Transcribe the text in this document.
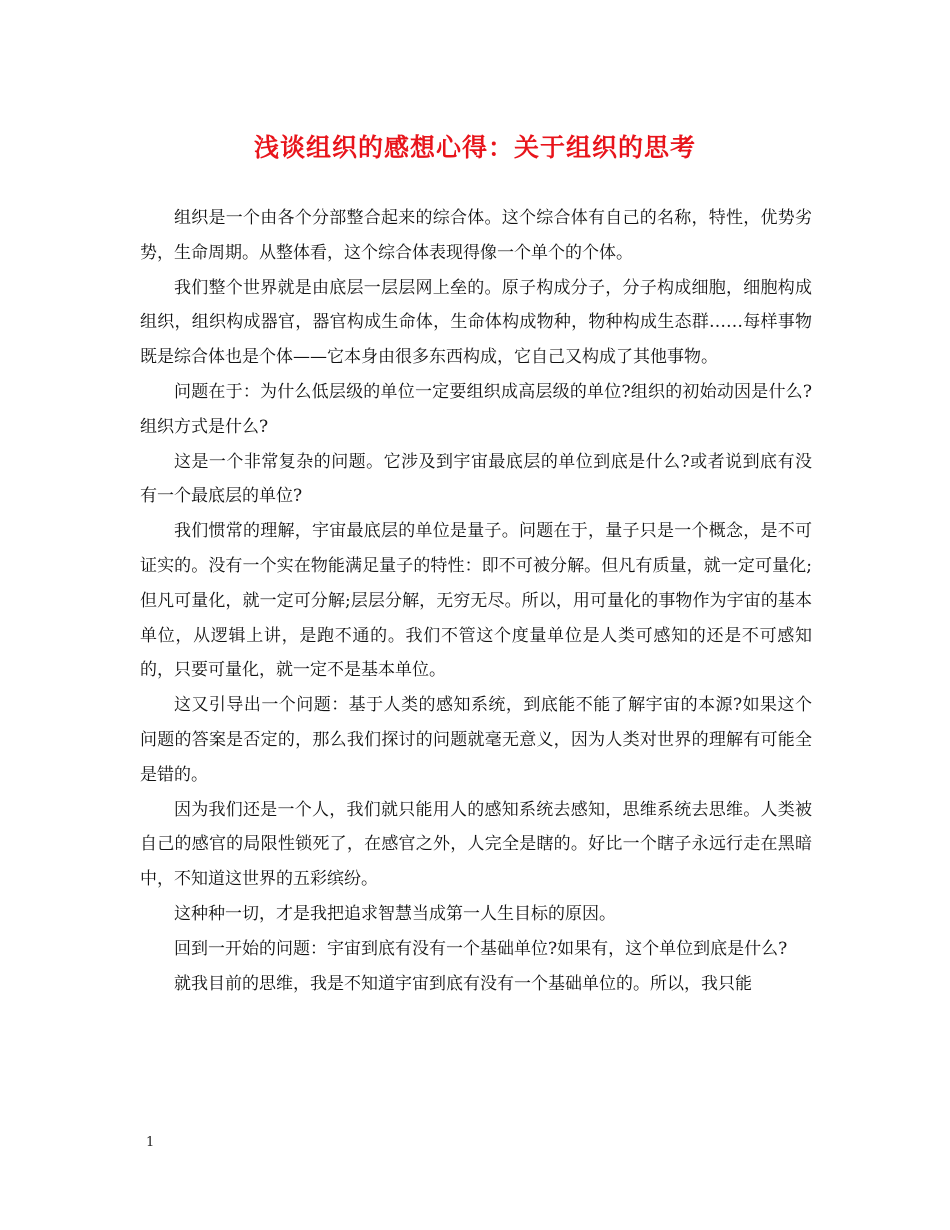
浅谈组织的感想心得：关于组织的思考

组织是一个由各个分部整合起来的综合体。这个综合体有自己的名称，特性，优势劣势，生命周期。从整体看，这个综合体表现得像一个单个的个体。

我们整个世界就是由底层一层层网上垒的。原子构成分子，分子构成细胞，细胞构成组织，组织构成器官，器官构成生命体，生命体构成物种，物种构成生态群……每样事物既是综合体也是个体——它本身由很多东西构成，它自己又构成了其他事物。

问题在于：为什么低层级的单位一定要组织成高层级的单位?组织的初始动因是什么?组织方式是什么?

这是一个非常复杂的问题。它涉及到宇宙最底层的单位到底是什么?或者说到底有没有一个最底层的单位?

我们惯常的理解，宇宙最底层的单位是量子。问题在于，量子只是一个概念，是不可证实的。没有一个实在物能满足量子的特性：即不可被分解。但凡有质量，就一定可量化;但凡可量化，就一定可分解;层层分解，无穷无尽。所以，用可量化的事物作为宇宙的基本单位，从逻辑上讲，是跑不通的。我们不管这个度量单位是人类可感知的还是不可感知的，只要可量化，就一定不是基本单位。

这又引导出一个问题：基于人类的感知系统，到底能不能了解宇宙的本源?如果这个问题的答案是否定的，那么我们探讨的问题就毫无意义，因为人类对世界的理解有可能全是错的。

因为我们还是一个人，我们就只能用人的感知系统去感知，思维系统去思维。人类被自己的感官的局限性锁死了，在感官之外，人完全是瞎的。好比一个瞎子永远行走在黑暗中，不知道这世界的五彩缤纷。

这种种一切，才是我把追求智慧当成第一人生目标的原因。

回到一开始的问题：宇宙到底有没有一个基础单位?如果有，这个单位到底是什么?

就我目前的思维，我是不知道宇宙到底有没有一个基础单位的。所以，我只能

1
